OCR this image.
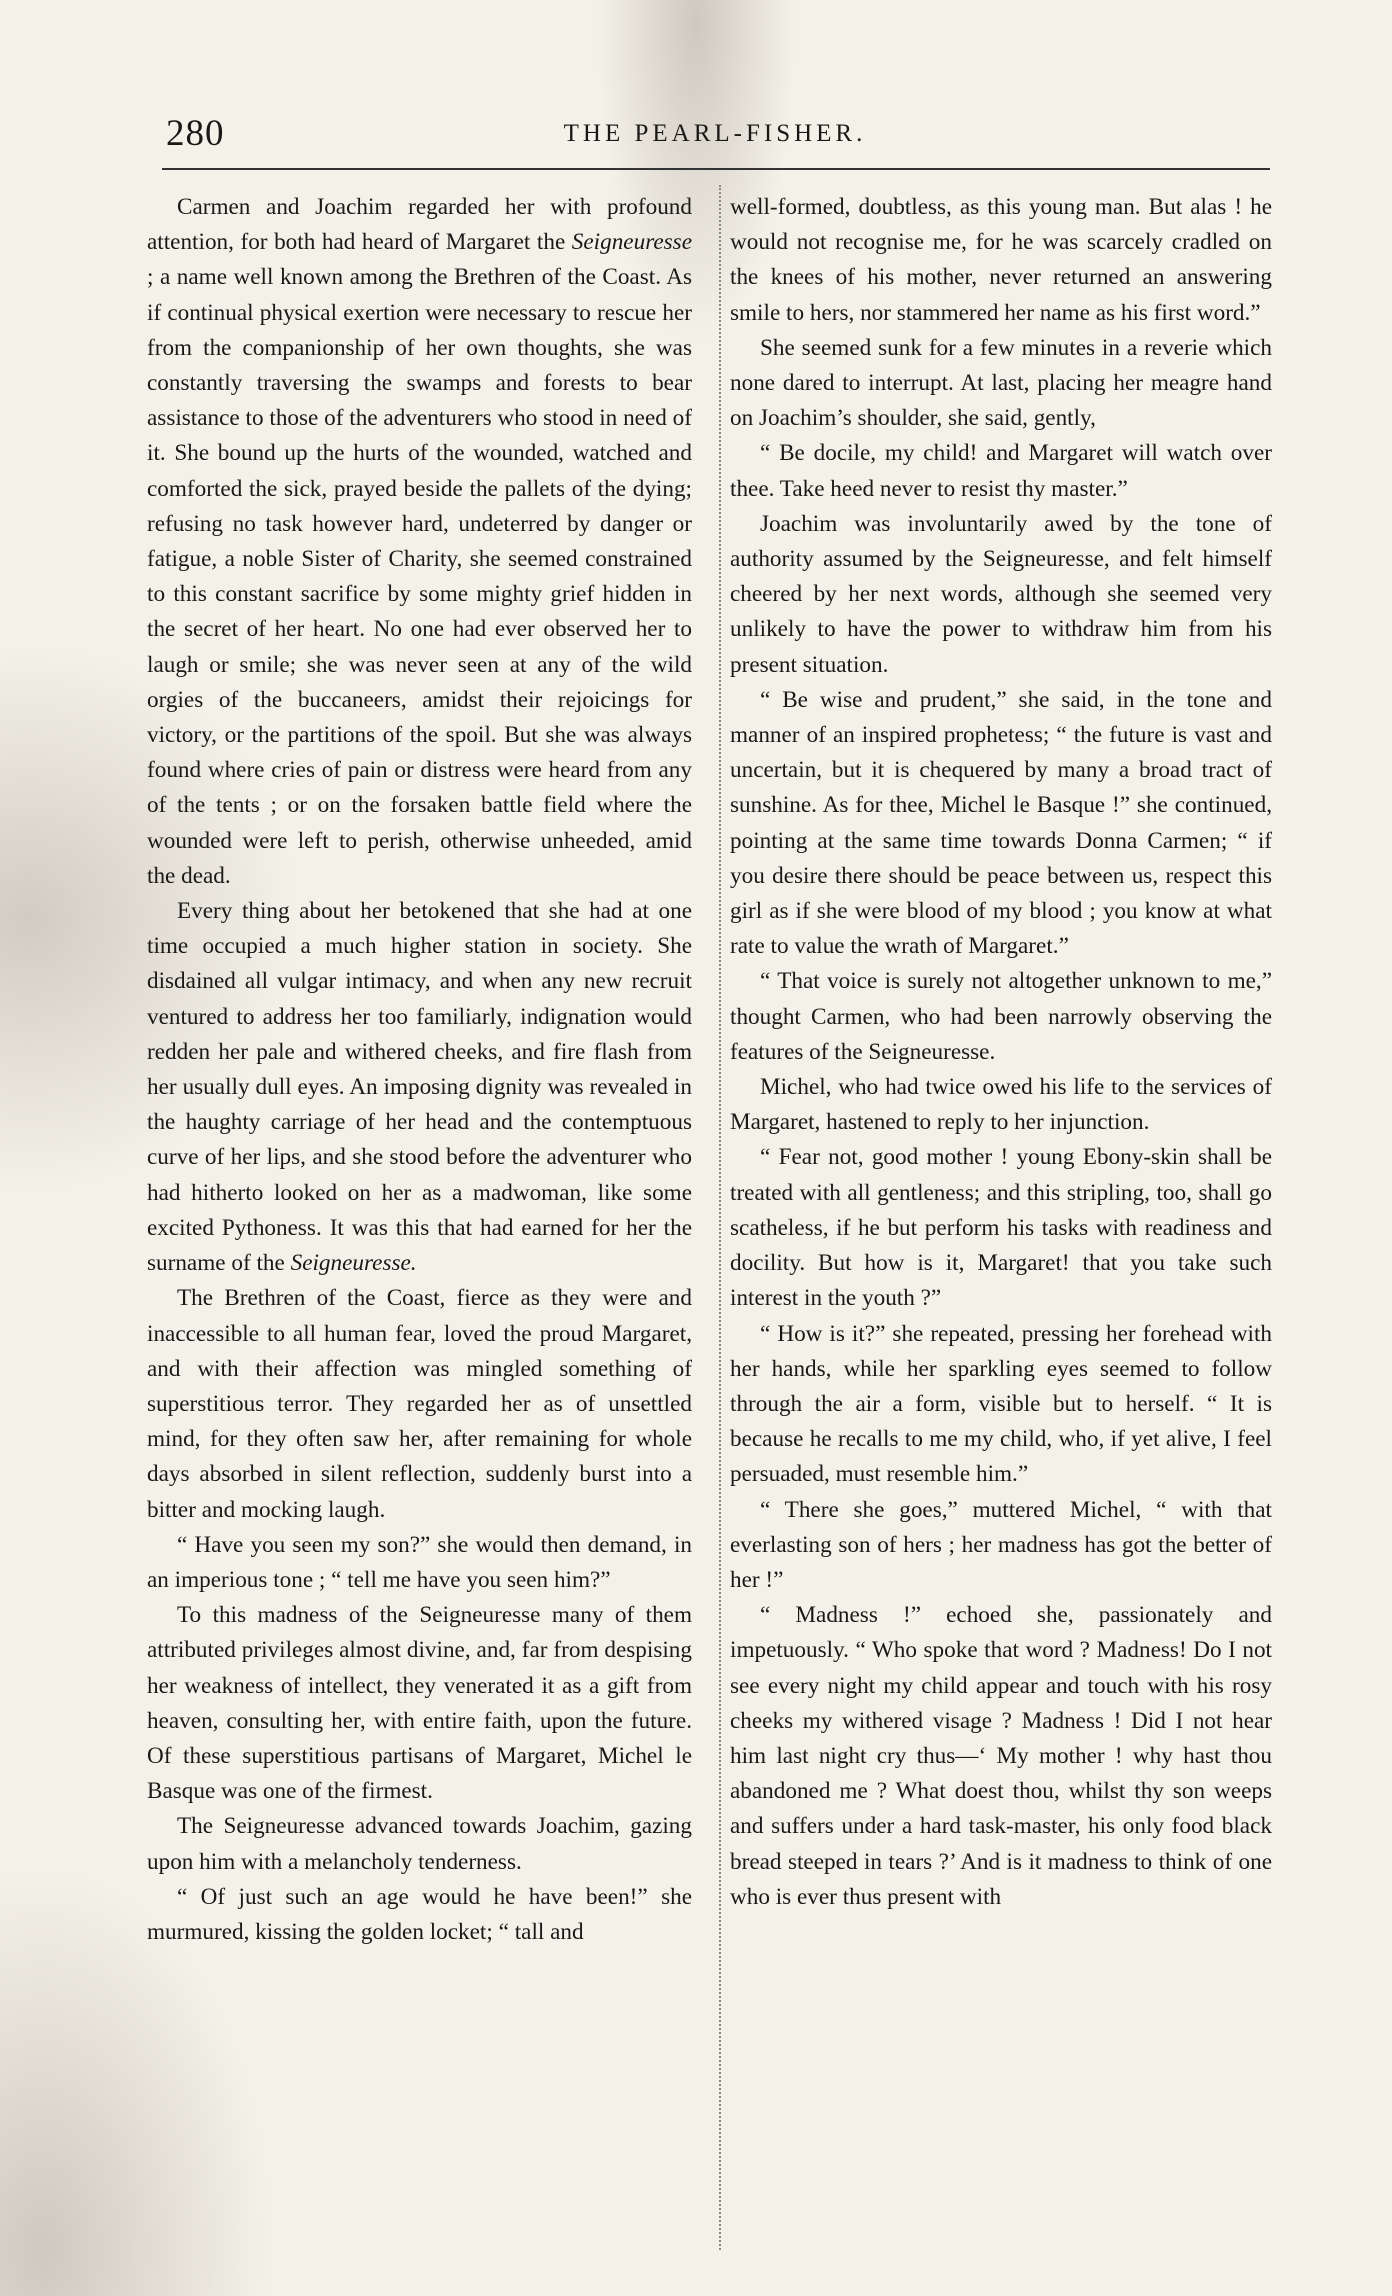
280	THE PEARL-FISHER.

Carmen and Joachim regarded her with profound attention, for both had heard of Margaret the Seigneuresse ; a name well known among the Brethren of the Coast. As if continual physical exertion were necessary to rescue her from the companionship of her own thoughts, she was constantly traversing the swamps and forests to bear assistance to those of the adventurers who stood in need of it. She bound up the hurts of the wounded, watched and comforted the sick, prayed beside the pallets of the dying; refusing no task however hard, undeterred by danger or fatigue, a noble Sister of Charity, she seemed constrained to this constant sacrifice by some mighty grief hidden in the secret of her heart. No one had ever observed her to laugh or smile; she was never seen at any of the wild orgies of the buccaneers, amidst their rejoicings for victory, or the partitions of the spoil. But she was always found where cries of pain or distress were heard from any of the tents ; or on the forsaken battle field where the wounded were left to perish, otherwise unheeded, amid the dead.

Every thing about her betokened that she had at one time occupied a much higher station in society. She disdained all vulgar intimacy, and when any new recruit ventured to address her too familiarly, indignation would redden her pale and withered cheeks, and fire flash from her usually dull eyes. An imposing dignity was revealed in the haughty carriage of her head and the contemptuous curve of her lips, and she stood before the adventurer who had hitherto looked on her as a madwoman, like some excited Pythoness. It was this that had earned for her the surname of the Seigneuresse.

The Brethren of the Coast, fierce as they were and inaccessible to all human fear, loved the proud Margaret, and with their affection was mingled something of superstitious terror. They regarded her as of unsettled mind, for they often saw her, after remaining for whole days absorbed in silent reflection, suddenly burst into a bitter and mocking laugh.

“ Have you seen my son?” she would then demand, in an imperious tone ; “ tell me have you seen him?”

To this madness of the Seigneuresse many of them attributed privileges almost divine, and, far from despising her weakness of intellect, they venerated it as a gift from heaven, consulting her, with entire faith, upon the future. Of these superstitious partisans of Margaret, Michel le Basque was one of the firmest.

The Seigneuresse advanced towards Joachim, gazing upon him with a melancholy tenderness.

“ Of just such an age would he have been!” she murmured, kissing the golden locket; “ tall and

well-formed, doubtless, as this young man. But alas ! he would not recognise me, for he was scarcely cradled on the knees of his mother, never returned an answering smile to hers, nor stammered her name as his first word.”

She seemed sunk for a few minutes in a reverie which none dared to interrupt. At last, placing her meagre hand on Joachim’s shoulder, she said, gently,

“ Be docile, my child! and Margaret will watch over thee. Take heed never to resist thy master.”

Joachim was involuntarily awed by the tone of authority assumed by the Seigneuresse, and felt himself cheered by her next words, although she seemed very unlikely to have the power to withdraw him from his present situation.

“ Be wise and prudent,” she said, in the tone and manner of an inspired prophetess; “ the future is vast and uncertain, but it is chequered by many a broad tract of sunshine. As for thee, Michel le Basque !” she continued, pointing at the same time towards Donna Carmen; “ if you desire there should be peace between us, respect this girl as if she were blood of my blood ; you know at what rate to value the wrath of Margaret.”

“ That voice is surely not altogether unknown to me,” thought Carmen, who had been narrowly observing the features of the Seigneuresse.

Michel, who had twice owed his life to the services of Margaret, hastened to reply to her injunction.

“ Fear not, good mother ! young Ebony-skin shall be treated with all gentleness; and this stripling, too, shall go scatheless, if he but perform his tasks with readiness and docility. But how is it, Margaret! that you take such interest in the youth ?”

“ How is it?” she repeated, pressing her forehead with her hands, while her sparkling eyes seemed to follow through the air a form, visible but to herself. “ It is because he recalls to me my child, who, if yet alive, I feel persuaded, must resemble him.”

“ There she goes,” muttered Michel, “ with that everlasting son of hers ; her madness has got the better of her !”

“ Madness !” echoed she, passionately and impetuously. “ Who spoke that word ? Madness! Do I not see every night my child appear and touch with his rosy cheeks my withered visage ? Madness ! Did I not hear him last night cry thus—‘ My mother ! why hast thou abandoned me ? What doest thou, whilst thy son weeps and suffers under a hard task-master, his only food black bread steeped in tears ?’ And is it madness to think of one who is ever thus present with
